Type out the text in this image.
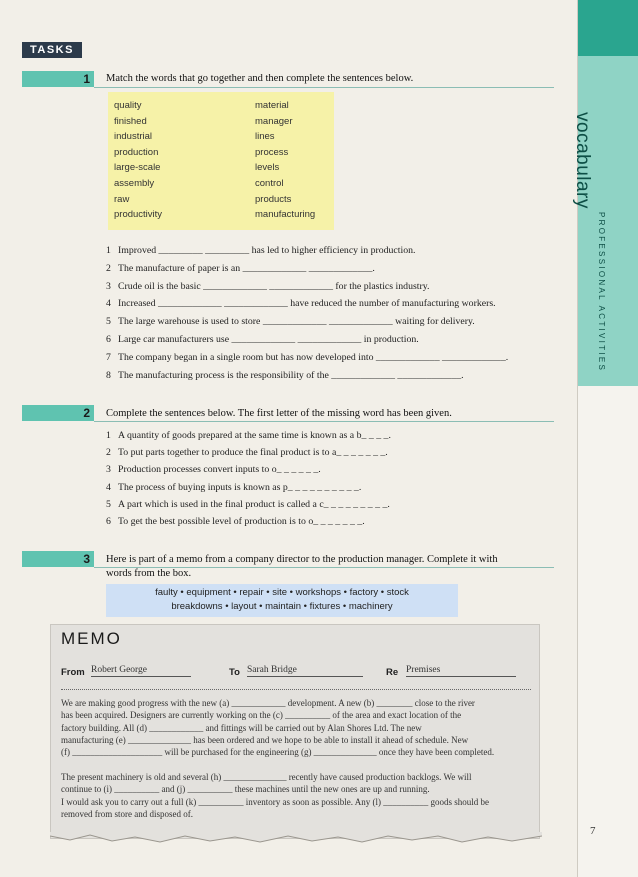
vocabulary
PROFESSIONAL ACTIVITIES
7
TASKS
1 Match the words that go together and then complete the sentences below.
quality
finished
industrial
production
large-scale
assembly
raw
productivity
material
manager
lines
process
levels
control
products
manufacturing
1 Improved _________ _________ has led to higher efficiency in production.
2 The manufacture of paper is an _____________ _____________.
3 Crude oil is the basic _____________ _____________ for the plastics industry.
4 Increased _____________ _____________ have reduced the number of manufacturing workers.
5 The large warehouse is used to store _____________ _____________ waiting for delivery.
6 Large car manufacturers use _____________ _____________ in production.
7 The company began in a single room but has now developed into _____________ _____________.
8 The manufacturing process is the responsibility of the _____________ _____________.
2 Complete the sentences below. The first letter of the missing word has been given.
1 A quantity of goods prepared at the same time is known as a b_ _ _ _.
2 To put parts together to produce the final product is to a_ _ _ _ _ _ _.
3 Production processes convert inputs to o_ _ _ _ _ _.
4 The process of buying inputs is known as p_ _ _ _ _ _ _ _ _ _.
5 A part which is used in the final product is called a c_ _ _ _ _ _ _ _ _.
6 To get the best possible level of production is to o_ _ _ _ _ _ _.
3 Here is part of a memo from a company director to the production manager. Complete it with
words from the box.
faulty • equipment • repair • site • workshops • factory • stock
breakdowns • layout • maintain • fixtures • machinery
MEMO
From Robert George	To Sarah Bridge	Re Premises
We are making good progress with the new (a) ____________ development. A new (b) ________ close to the river
has been acquired. Designers are currently working on the (c) __________ of the area and exact location of the
factory building. All (d) ____________ and fittings will be carried out by Alan Shores Ltd. The new
manufacturing (e) ______________ has been ordered and we hope to be able to install it ahead of schedule. New
(f) ____________________ will be purchased for the engineering (g) ______________ once they have been completed.
The present machinery is old and several (h) ______________ recently have caused production backlogs. We will
continue to (i) __________ and (j) __________ these machines until the new ones are up and running.
I would ask you to carry out a full (k) __________ inventory as soon as possible. Any (l) __________ goods should be
removed from store and disposed of.
